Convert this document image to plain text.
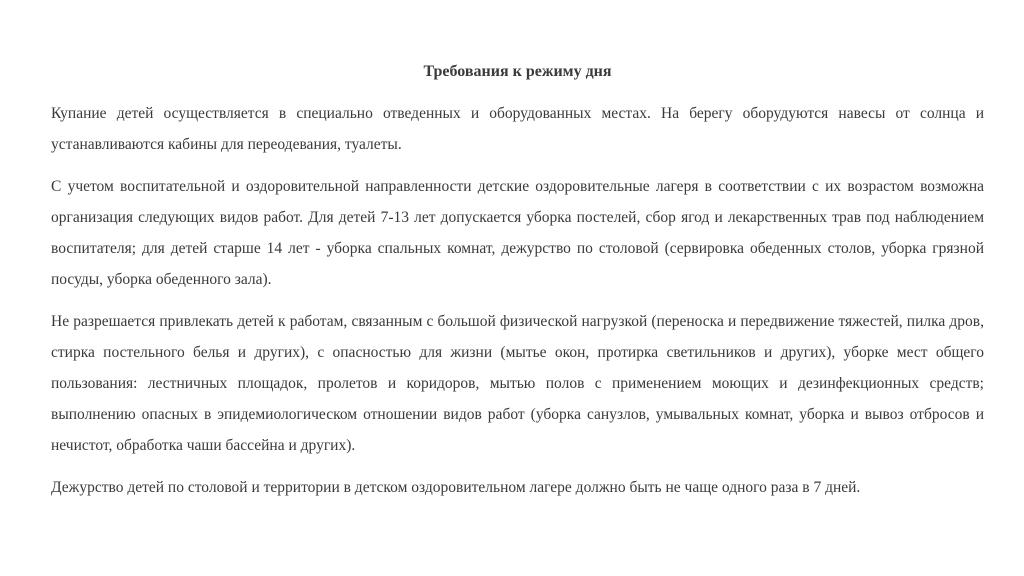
Требования к режиму дня

Купание детей осуществляется в специально отведенных и оборудованных местах. На берегу оборудуются навесы от солнца и устанавливаются кабины для переодевания, туалеты.

С учетом воспитательной и оздоровительной направленности детские оздоровительные лагеря в соответствии с их возрастом возможна организация следующих видов работ. Для детей 7-13 лет допускается уборка постелей, сбор ягод и лекарственных трав под наблюдением воспитателя; для детей старше 14 лет - уборка спальных комнат, дежурство по столовой (сервировка обеденных столов, уборка грязной посуды, уборка обеденного зала).

Не разрешается привлекать детей к работам, связанным с большой физической нагрузкой (переноска и передвижение тяжестей, пилка дров, стирка постельного белья и других), с опасностью для жизни (мытье окон, протирка светильников и других), уборке мест общего пользования: лестничных площадок, пролетов и коридоров, мытью полов с применением моющих и дезинфекционных средств; выполнению опасных в эпидемиологическом отношении видов работ (уборка санузлов, умывальных комнат, уборка и вывоз отбросов и нечистот, обработка чаши бассейна и других).

Дежурство детей по столовой и территории в детском оздоровительном лагере должно быть не чаще одного раза в 7 дней.
